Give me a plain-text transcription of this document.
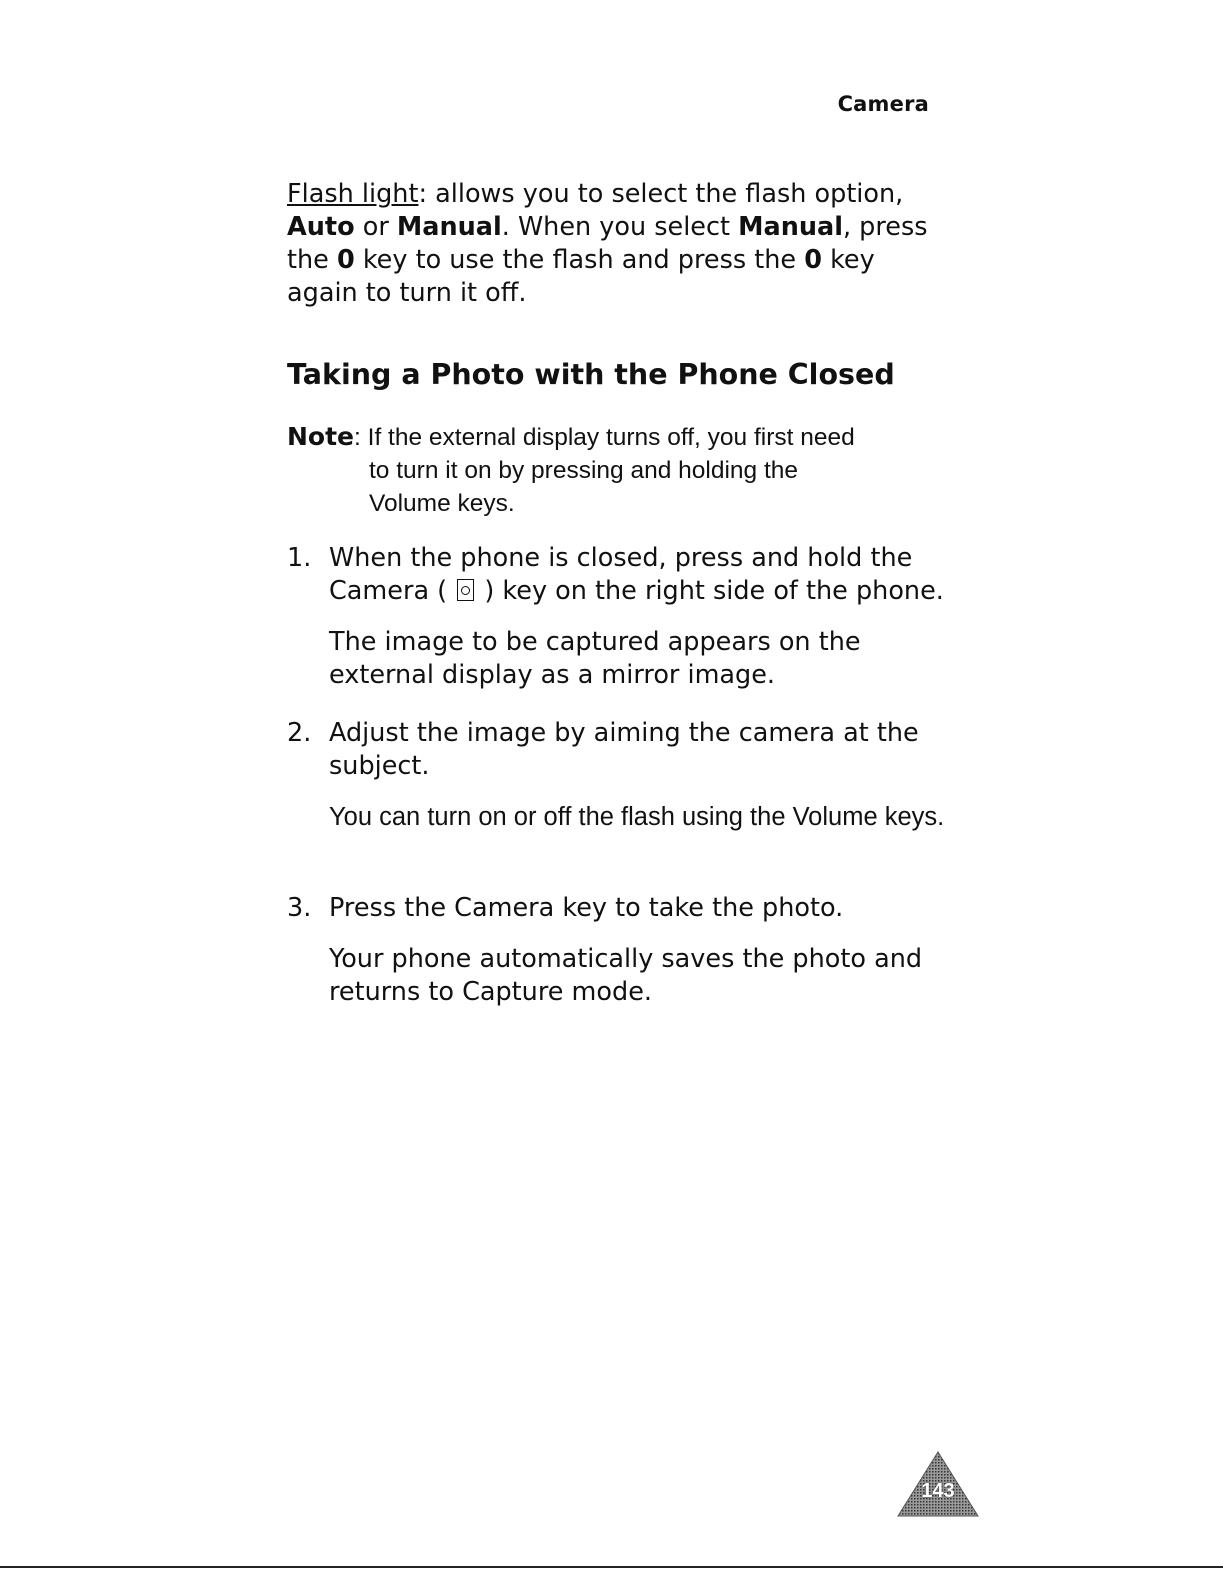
Camera

Flash light: allows you to select the flash option,
Auto or Manual. When you select Manual, press the 0 key to use the flash and press the 0 key again to turn it off.

Taking a Photo with the Phone Closed
Note: If the external display turns off, you first need
to turn it on by pressing and holding the
Volume keys.
1. When the phone is closed, press and hold the
Camera (  ) key on the right side of the phone.
The image to be captured appears on the external display as a mirror image.
2. Adjust the image by aiming the camera at the subject.
You can turn on or off the flash using the Volume keys.
3. Press the Camera key to take the photo.
Your phone automatically saves the photo and returns to Capture mode.
143
